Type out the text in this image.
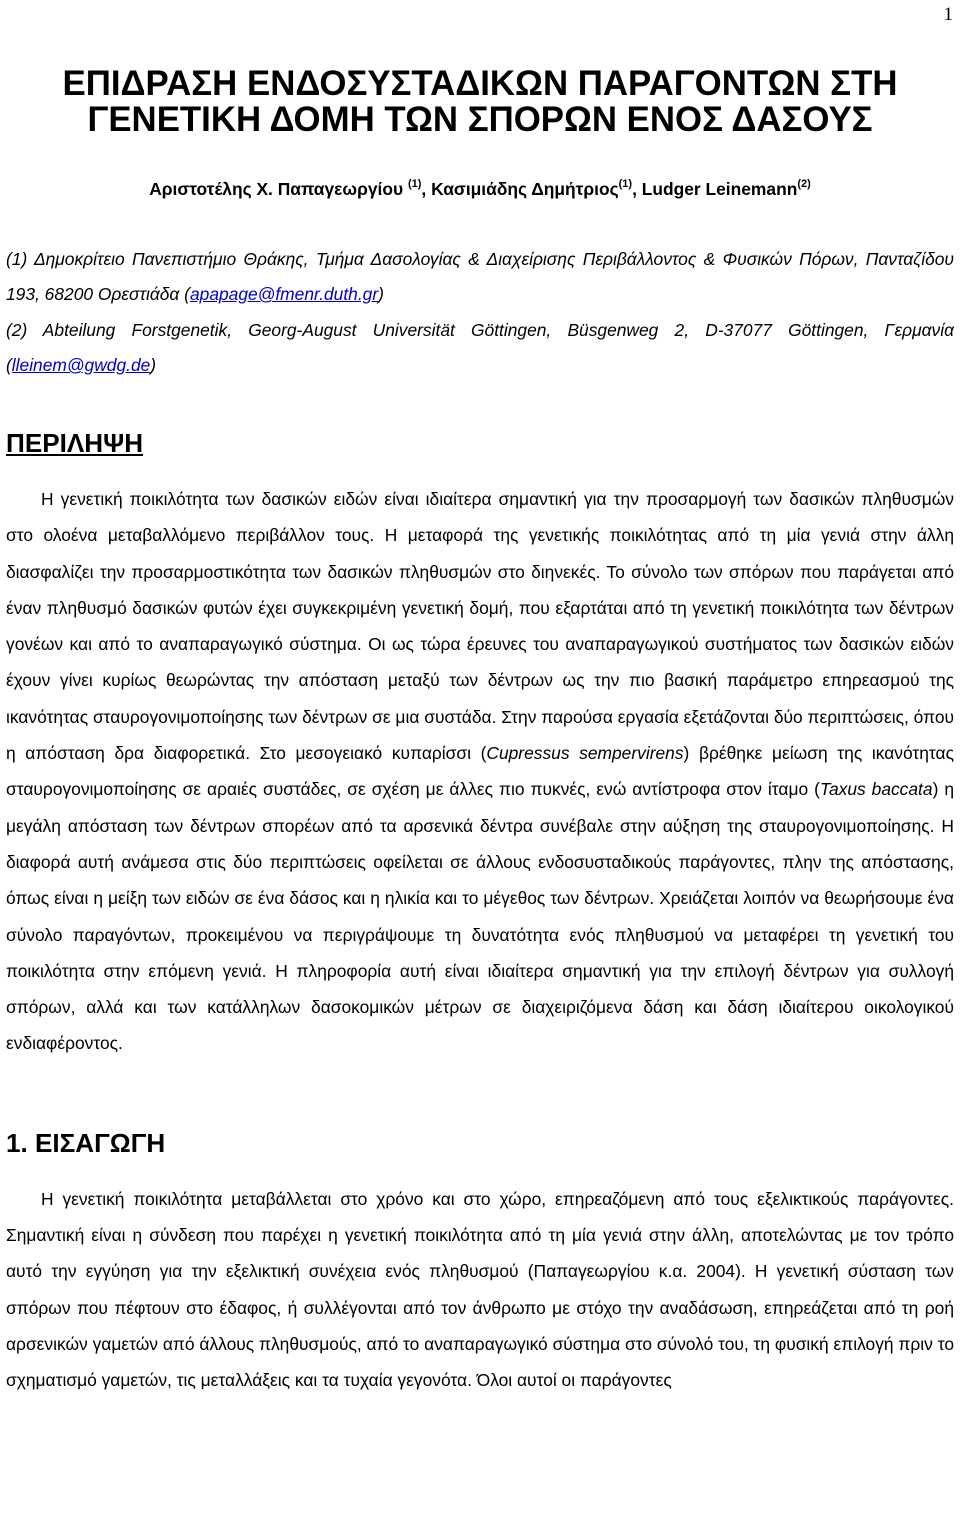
1
ΕΠΙΔΡΑΣΗ ΕΝΔΟΣΥΣΤΑΔΙΚΩΝ ΠΑΡΑΓΟΝΤΩΝ ΣΤΗ ΓΕΝΕΤΙΚΗ ΔΟΜΗ ΤΩΝ ΣΠΟΡΩΝ ΕΝΟΣ ΔΑΣΟΥΣ
Αριστοτέλης Χ. Παπαγεωργίου $^{(1)}$, Κασιμιάδης Δημήτριος$^{(1)}$, Ludger Leinemann$^{(2)}$

(1) Δημοκρίτειο Πανεπιστήμιο Θράκης, Τμήμα Δασολογίας & Διαχείρισης Περιβάλλοντος & Φυσικών Πόρων, Πανταζίδου 193, 68200 Ορεστιάδα (apapage@fmenr.duth.gr)

(2) Abteilung Forstgenetik, Georg-August Universität Göttingen, Büsgenweg 2, D-37077 Göttingen, Γερμανία (lleinem@gwdg.de)

ΠΕΡΙΛΗΨΗ

Η γενετική ποικιλότητα των δασικών ειδών είναι ιδιαίτερα σημαντική για την προσαρμογή των δασικών πληθυσμών στο ολοένα μεταβαλλόμενο περιβάλλον τους. Η μεταφορά της γενετικής ποικιλότητας από τη μία γενιά στην άλλη διασφαλίζει την προσαρμοστικότητα των δασικών πληθυσμών στο διηνεκές. Το σύνολο των σπόρων που παράγεται από έναν πληθυσμό δασικών φυτών έχει συγκεκριμένη γενετική δομή, που εξαρτάται από τη γενετική ποικιλότητα των δέντρων γονέων και από το αναπαραγωγικό σύστημα. Οι ως τώρα έρευνες του αναπαραγωγικού συστήματος των δασικών ειδών έχουν γίνει κυρίως θεωρώντας την απόσταση μεταξύ των δέντρων ως την πιο βασική παράμετρο επηρεασμού της ικανότητας σταυρογονιμοποίησης των δέντρων σε μια συστάδα. Στην παρούσα εργασία εξετάζονται δύο περιπτώσεις, όπου η απόσταση δρα διαφορετικά. Στο μεσογειακό κυπαρίσσι (Cupressus sempervirens) βρέθηκε μείωση της ικανότητας σταυρογονιμοποίησης σε αραιές συστάδες, σε σχέση με άλλες πιο πυκνές, ενώ αντίστροφα στον ίταμο (Taxus baccata) η μεγάλη απόσταση των δέντρων σπορέων από τα αρσενικά δέντρα συνέβαλε στην αύξηση της σταυρογονιμοποίησης. Η διαφορά αυτή ανάμεσα στις δύο περιπτώσεις οφείλεται σε άλλους ενδοσυσταδικούς παράγοντες, πλην της απόστασης, όπως είναι η μείξη των ειδών σε ένα δάσος και η ηλικία και το μέγεθος των δέντρων. Χρειάζεται λοιπόν να θεωρήσουμε ένα σύνολο παραγόντων, προκειμένου να περιγράψουμε τη δυνατότητα ενός πληθυσμού να μεταφέρει τη γενετική του ποικιλότητα στην επόμενη γενιά. Η πληροφορία αυτή είναι ιδιαίτερα σημαντική για την επιλογή δέντρων για συλλογή σπόρων, αλλά και των κατάλληλων δασοκομικών μέτρων σε διαχειριζόμενα δάση και δάση ιδιαίτερου οικολογικού ενδιαφέροντος.

1. ΕΙΣΑΓΩΓΗ

Η γενετική ποικιλότητα μεταβάλλεται στο χρόνο και στο χώρο, επηρεαζόμενη από τους εξελικτικούς παράγοντες. Σημαντική είναι η σύνδεση που παρέχει η γενετική ποικιλότητα από τη μία γενιά στην άλλη, αποτελώντας με τον τρόπο αυτό την εγγύηση για την εξελικτική συνέχεια ενός πληθυσμού (Παπαγεωργίου κ.α. 2004). Η γενετική σύσταση των σπόρων που πέφτουν στο έδαφος, ή συλλέγονται από τον άνθρωπο με στόχο την αναδάσωση, επηρεάζεται από τη ροή αρσενικών γαμετών από άλλους πληθυσμούς, από το αναπαραγωγικό σύστημα στο σύνολό του, τη φυσική επιλογή πριν το σχηματισμό γαμετών, τις μεταλλάξεις και τα τυχαία γεγονότα. Όλοι αυτοί οι παράγοντες
